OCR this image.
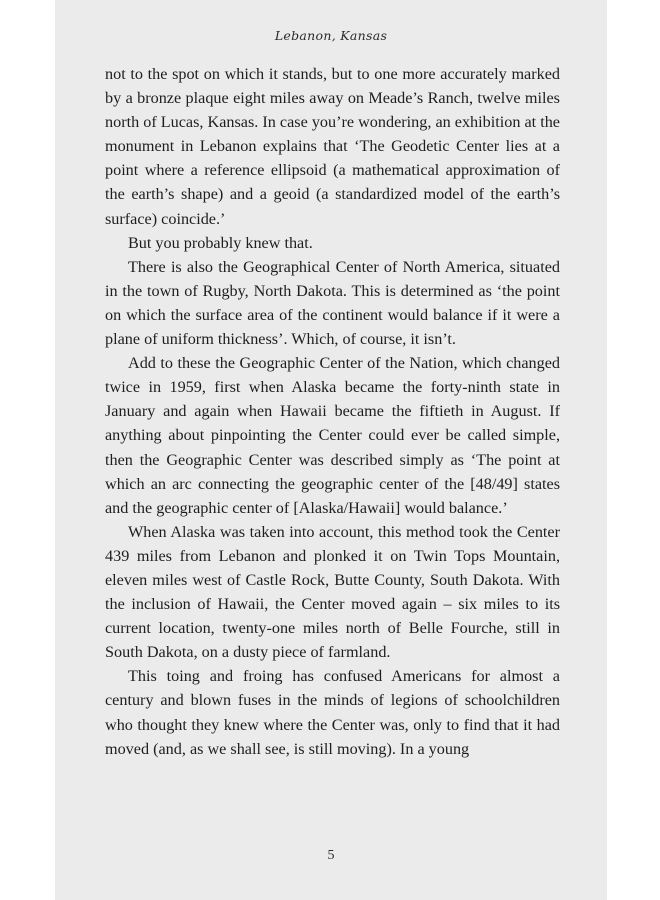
Lebanon, Kansas

not to the spot on which it stands, but to one more accurately marked by a bronze plaque eight miles away on Meade’s Ranch, twelve miles north of Lucas, Kansas. In case you’re wondering, an exhibition at the monument in Lebanon explains that ‘The Geodetic Center lies at a point where a reference ellipsoid (a mathematical approximation of the earth’s shape) and a geoid (a standardized model of the earth’s surface) coincide.’

But you probably knew that.

There is also the Geographical Center of North America, situated in the town of Rugby, North Dakota. This is determined as ‘the point on which the surface area of the continent would balance if it were a plane of uniform thickness’. Which, of course, it isn’t.

Add to these the Geographic Center of the Nation, which changed twice in 1959, first when Alaska became the forty-ninth state in January and again when Hawaii became the fiftieth in August. If anything about pinpointing the Center could ever be called simple, then the Geographic Center was described simply as ‘The point at which an arc connecting the geographic center of the [48/49] states and the geographic center of [Alaska/Hawaii] would balance.’

When Alaska was taken into account, this method took the Center 439 miles from Lebanon and plonked it on Twin Tops Mountain, eleven miles west of Castle Rock, Butte County, South Dakota. With the inclusion of Hawaii, the Center moved again – six miles to its current location, twenty-one miles north of Belle Fourche, still in South Dakota, on a dusty piece of farmland.

This toing and froing has confused Americans for almost a century and blown fuses in the minds of legions of schoolchildren who thought they knew where the Center was, only to find that it had moved (and, as we shall see, is still moving). In a young

5
